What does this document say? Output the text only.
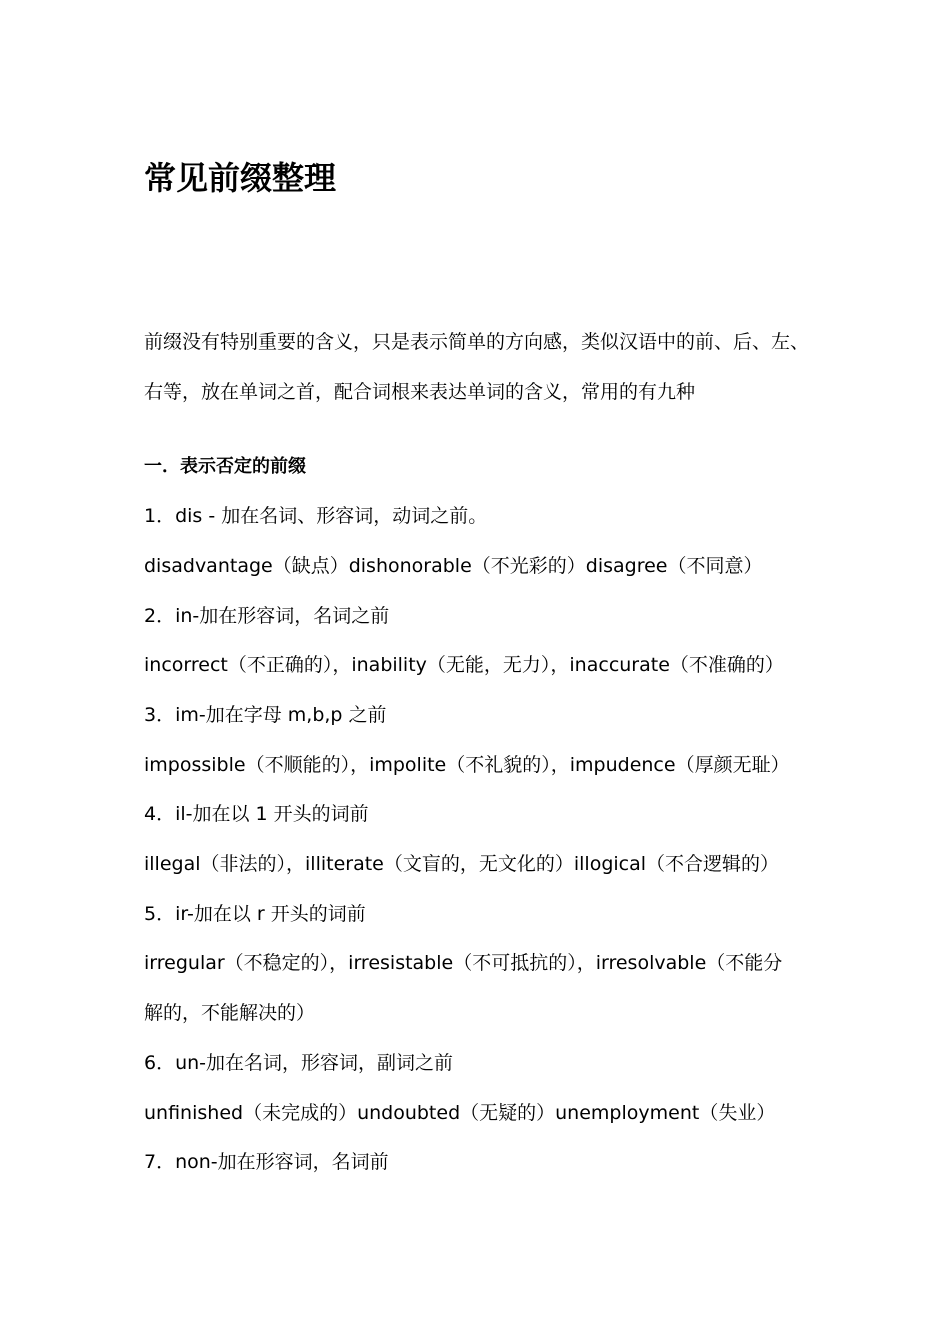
常见前缀整理

前缀没有特别重要的含义，只是表示简单的方向感，类似汉语中的前、后、左、

右等，放在单词之首，配合词根来表达单词的含义，常用的有九种

一．表示否定的前缀

1．dis - 加在名词、形容词，动词之前。

disadvantage（缺点）dishonorable（不光彩的）disagree（不同意）

2．in-加在形容词，名词之前

incorrect（不正确的），inability（无能，无力），inaccurate（不准确的）

3．im-加在字母 m,b,p 之前

impossible（不顺能的），impolite（不礼貌的），impudence（厚颜无耻）

4．il-加在以 1 开头的词前

illegal（非法的），illiterate（文盲的，无文化的）illogical（不合逻辑的）

5．ir-加在以 r 开头的词前

irregular（不稳定的），irresistable（不可抵抗的），irresolvable（不能分

解的，不能解决的）

6．un-加在名词，形容词，副词之前

unfinished（未完成的）undoubted（无疑的）unemployment（失业）

7．non-加在形容词，名词前
